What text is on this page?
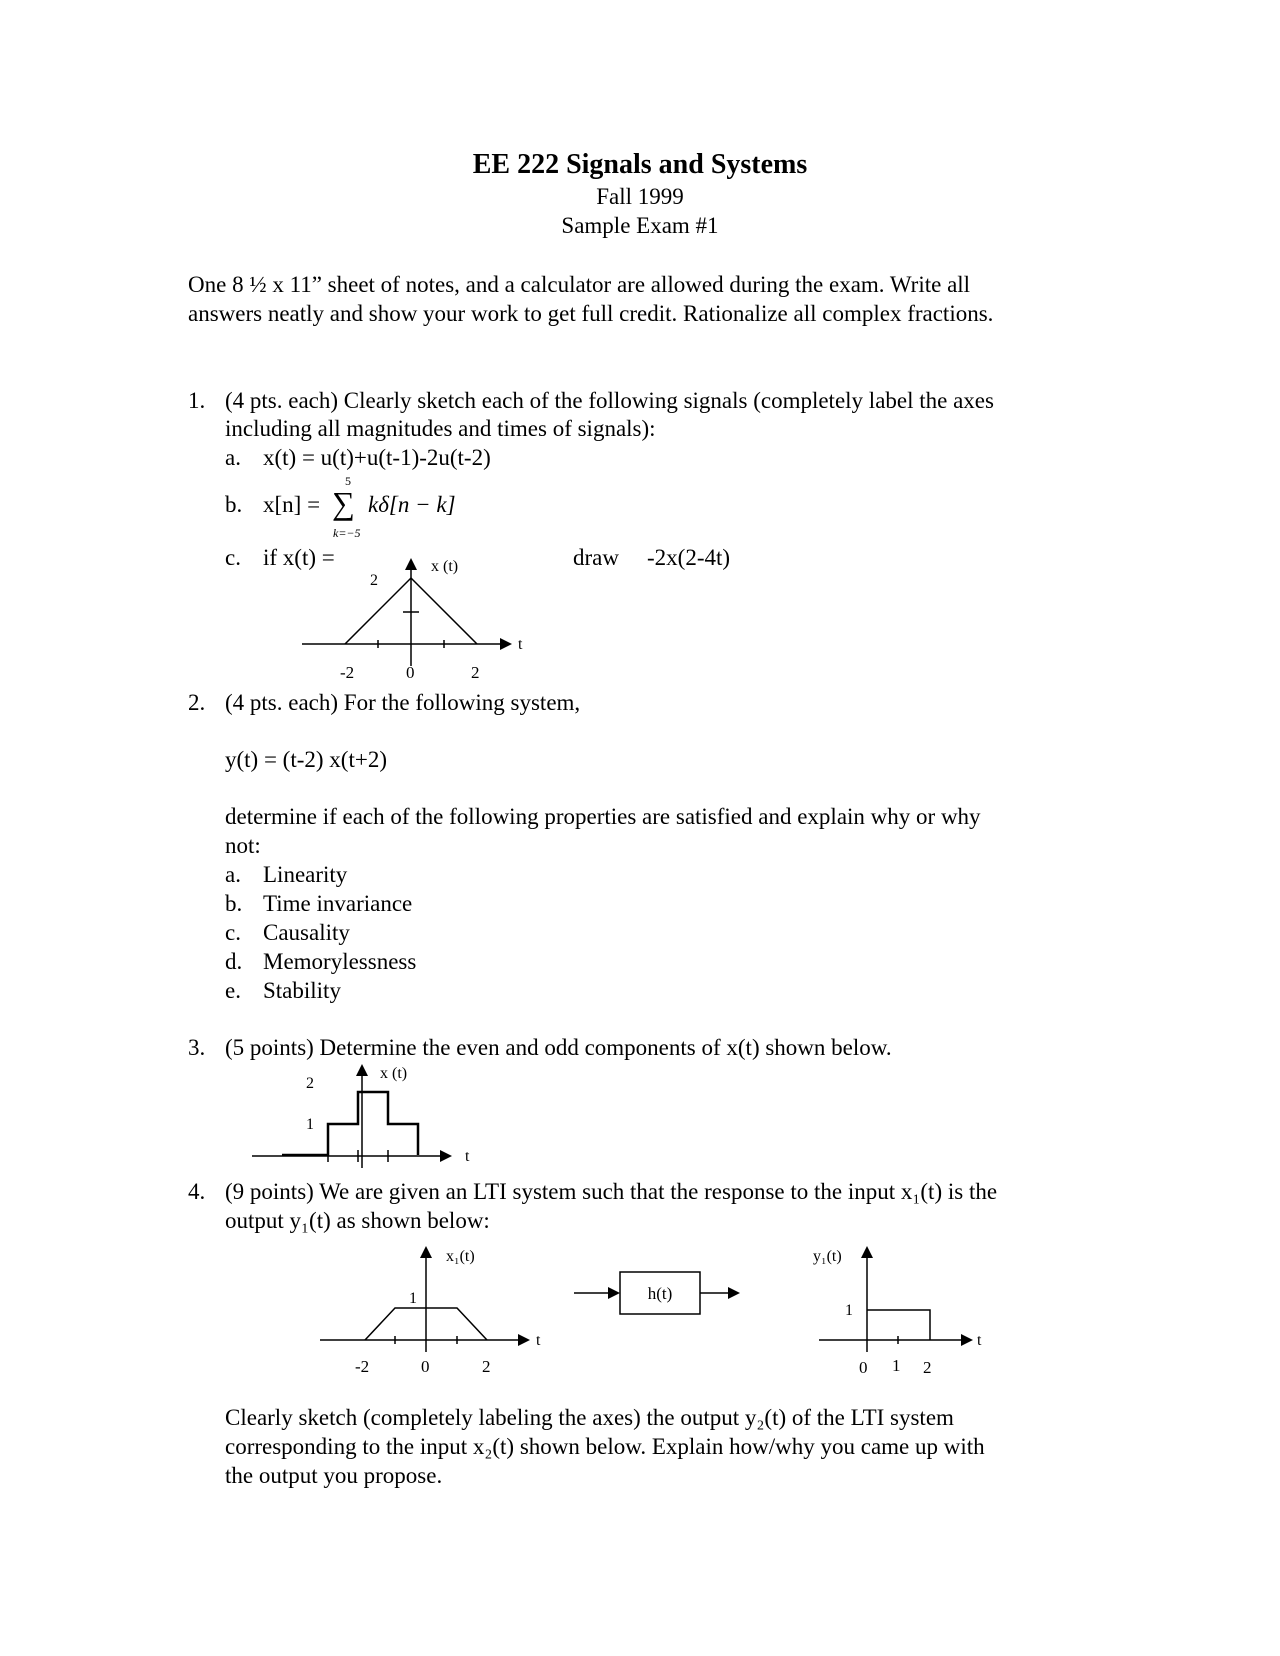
EE 222 Signals and Systems
Fall 1999
Sample Exam #1
One 8 ½ x 11” sheet of notes, and a calculator are allowed during the exam. Write all
answers neatly and show your work to get full credit. Rationalize all complex fractions.
1. (4 pts. each) Clearly sketch each of the following signals (completely label the axes
including all magnitudes and times of signals):
a. x(t) = u(t)+u(t-1)-2u(t-2)
5
b. x[n] = kδ[n − k]
k=−5
c. if x(t) =	draw -2x(2-4t)
x (t)
2
t
-2	0	2
2. (4 pts. each) For the following system,
y(t) = (t-2) x(t+2)
determine if each of the following properties are satisfied and explain why or why
not:
a. Linearity
b. Time invariance
c. Causality
d. Memorylessness
e. Stability
3. (5 points) Determine the even and odd components of x(t) shown below.
x (t)
2
1
t
4. (9 points) We are given an LTI system such that the response to the input x₁(t) is the
output y₁(t) as shown below:
x₁(t)
1
t
-2	0	2
h(t)
y₁(t)
1
t
0 1 2
Clearly sketch (completely labeling the axes) the output y₂(t) of the LTI system
corresponding to the input x₂(t) shown below. Explain how/why you came up with
the output you propose.
∑
